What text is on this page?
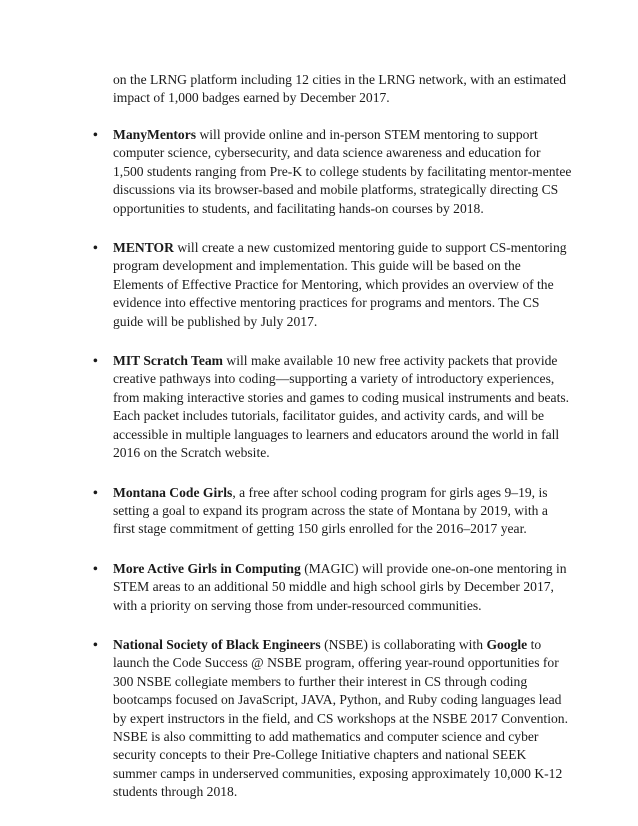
on the LRNG platform including 12 cities in the LRNG network, with an estimated impact of 1,000 badges earned by December 2017.

• ManyMentors will provide online and in-person STEM mentoring to support computer science, cybersecurity, and data science awareness and education for 1,500 students ranging from Pre-K to college students by facilitating mentor-mentee discussions via its browser-based and mobile platforms, strategically directing CS opportunities to students, and facilitating hands-on courses by 2018.

• MENTOR will create a new customized mentoring guide to support CS-mentoring program development and implementation. This guide will be based on the Elements of Effective Practice for Mentoring, which provides an overview of the evidence into effective mentoring practices for programs and mentors. The CS guide will be published by July 2017.

• MIT Scratch Team will make available 10 new free activity packets that provide creative pathways into coding—supporting a variety of introductory experiences, from making interactive stories and games to coding musical instruments and beats. Each packet includes tutorials, facilitator guides, and activity cards, and will be accessible in multiple languages to learners and educators around the world in fall 2016 on the Scratch website.

• Montana Code Girls, a free after school coding program for girls ages 9–19, is setting a goal to expand its program across the state of Montana by 2019, with a first stage commitment of getting 150 girls enrolled for the 2016–2017 year.

• More Active Girls in Computing (MAGIC) will provide one-on-one mentoring in STEM areas to an additional 50 middle and high school girls by December 2017, with a priority on serving those from under-resourced communities.

• National Society of Black Engineers (NSBE) is collaborating with Google to launch the Code Success @ NSBE program, offering year-round opportunities for 300 NSBE collegiate members to further their interest in CS through coding bootcamps focused on JavaScript, JAVA, Python, and Ruby coding languages lead by expert instructors in the field, and CS workshops at the NSBE 2017 Convention. NSBE is also committing to add mathematics and computer science and cyber security concepts to their Pre-College Initiative chapters and national SEEK summer camps in underserved communities, exposing approximately 10,000 K-12 students through 2018.
